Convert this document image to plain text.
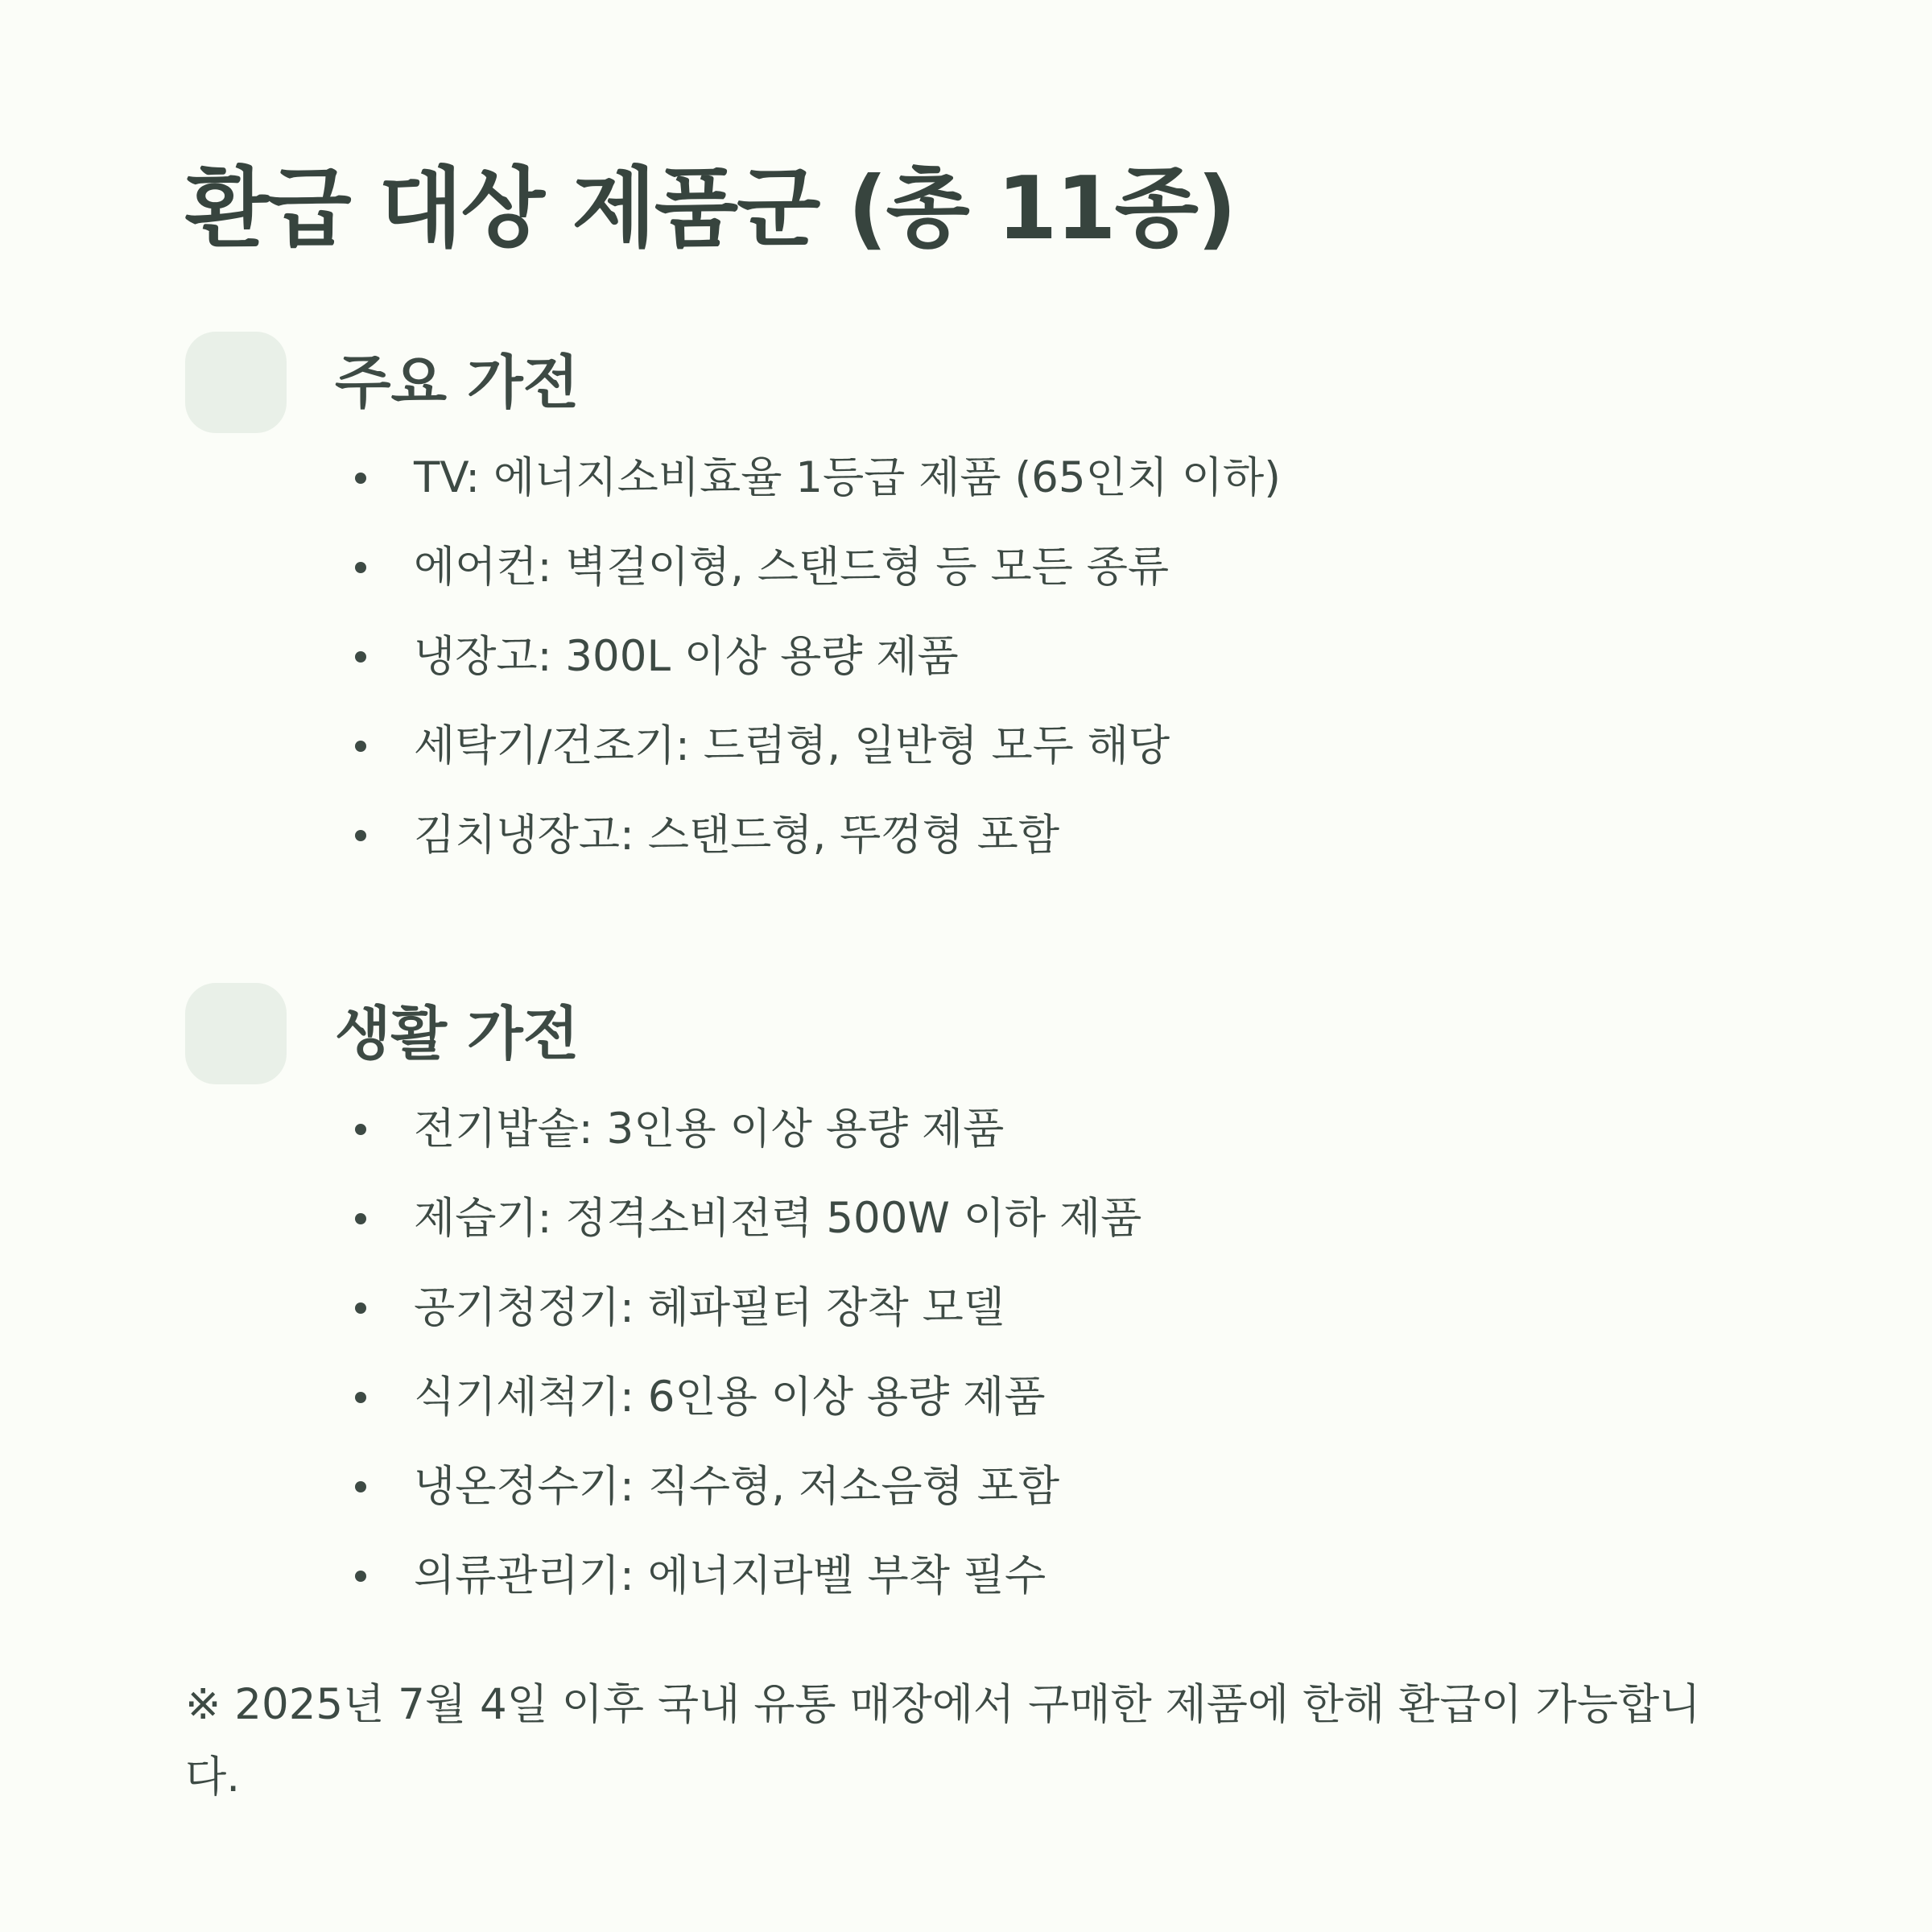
환급 대상 제품군 (총 11종)
주요 가전
TV: 에너지소비효율 1등급 제품 (65인치 이하)
에어컨: 벽걸이형, 스탠드형 등 모든 종류
냉장고: 300L 이상 용량 제품
세탁기/건조기: 드럼형, 일반형 모두 해당
김치냉장고: 스탠드형, 뚜껑형 포함
생활 가전
전기밥솥: 3인용 이상 용량 제품
제습기: 정격소비전력 500W 이하 제품
공기청정기: 헤파필터 장착 모델
식기세척기: 6인용 이상 용량 제품
냉온정수기: 직수형, 저소음형 포함
의류관리기: 에너지라벨 부착 필수

※ 2025년 7월 4일 이후 국내 유통 매장에서 구매한 제품에 한해 환급이 가능합니다.
